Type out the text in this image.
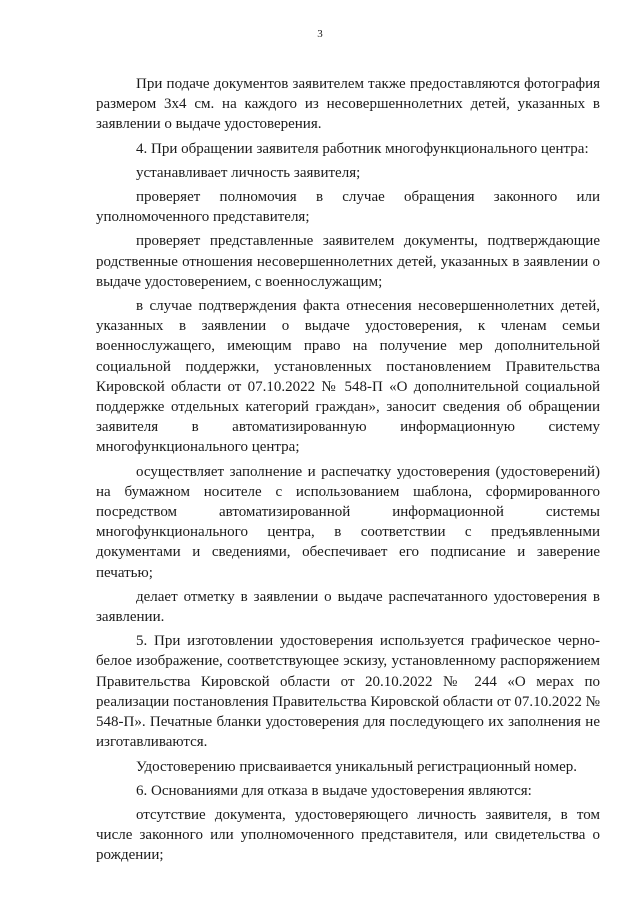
3

При подаче документов заявителем также предоставляются фотография размером 3х4 см. на каждого из несовершеннолетних детей, указанных в заявлении о выдаче удостоверения.

4. При обращении заявителя работник многофункционального центра:

устанавливает личность заявителя;

проверяет полномочия в случае обращения законного или уполномоченного представителя;

проверяет представленные заявителем документы, подтверждающие родственные отношения несовершеннолетних детей, указанных в заявлении о выдаче удостоверением, с военнослужащим;

в случае подтверждения факта отнесения несовершеннолетних детей, указанных в заявлении о выдаче удостоверения, к членам семьи военнослужащего, имеющим право на получение мер дополнительной социальной поддержки, установленных постановлением Правительства Кировской области от 07.10.2022 № 548-П «О дополнительной социальной поддержке отдельных категорий граждан», заносит сведения об обращении заявителя в автоматизированную информационную систему многофункционального центра;

осуществляет заполнение и распечатку удостоверения (удостоверений) на бумажном носителе с использованием шаблона, сформированного посредством автоматизированной информационной системы многофункционального центра, в соответствии с предъявленными документами и сведениями, обеспечивает его подписание и заверение печатью;

делает отметку в заявлении о выдаче распечатанного удостоверения в заявлении.

5. При изготовлении удостоверения используется графическое черно-белое изображение, соответствующее эскизу, установленному распоряжением Правительства Кировской области от 20.10.2022 № 244 «О мерах по реализации постановления Правительства Кировской области от 07.10.2022 № 548-П». Печатные бланки удостоверения для последующего их заполнения не изготавливаются.

Удостоверению присваивается уникальный регистрационный номер.

6. Основаниями для отказа в выдаче удостоверения являются:

отсутствие документа, удостоверяющего личность заявителя, в том числе законного или уполномоченного представителя, или свидетельства о рождении;
